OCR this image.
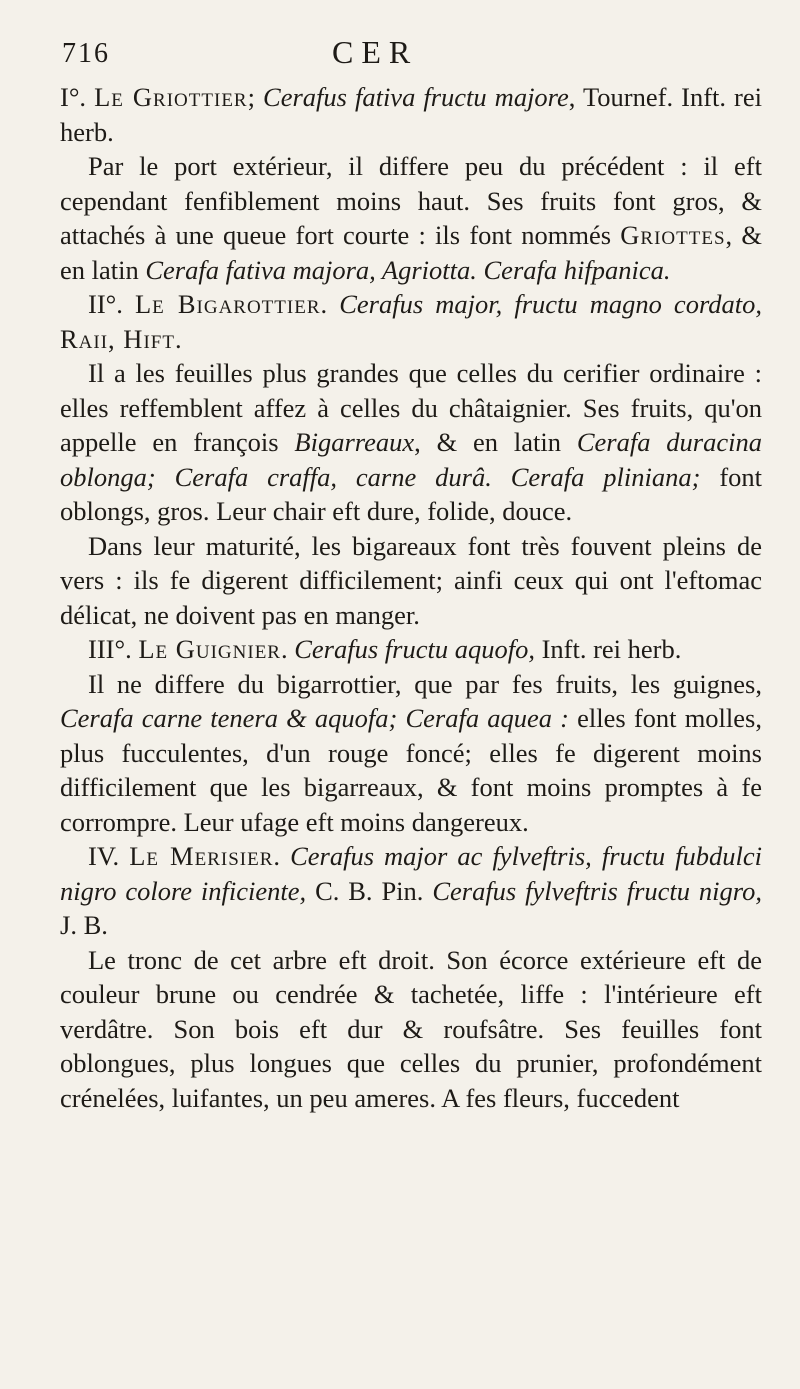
716	CER

I°. Le Griottier; Cerafus fativa fructu majore, Tournef. Inft. rei herb.

Par le port extérieur, il differe peu du précédent : il eft cependant fenfiblement moins haut. Ses fruits font gros, & attachés à une queue fort courte : ils font nommés Griottes, & en latin Cerafa fativa majora, Agriotta. Cerafa hifpanica.

II°. Le Bigarottier. Cerafus major, fructu magno cordato, Raii, Hift.

Il a les feuilles plus grandes que celles du cerifier ordinaire : elles reffemblent affez à celles du châtaignier. Ses fruits, qu'on appelle en françois Bigarreaux, & en latin Cerafa duracina oblonga; Cerafa craffa, carne durâ. Cerafa pliniana; font oblongs, gros. Leur chair eft dure, folide, douce.

Dans leur maturité, les bigareaux font très fouvent pleins de vers : ils fe digerent difficilement; ainfi ceux qui ont l'eftomac délicat, ne doivent pas en manger.

III°. Le Guignier. Cerafus fructu aquofo, Inft. rei herb.

Il ne differe du bigarrottier, que par fes fruits, les guignes, Cerafa carne tenera & aquofa; Cerafa aquea : elles font molles, plus fucculentes, d'un rouge foncé; elles fe digerent moins difficilement que les bigarreaux, & font moins promptes à fe corrompre. Leur ufage eft moins dangereux.

IV. Le Merisier. Cerafus major ac fylveftris, fructu fubdulci nigro colore inficiente, C. B. Pin. Cerafus fylveftris fructu nigro, J. B.

Le tronc de cet arbre eft droit. Son écorce extérieure eft de couleur brune ou cendrée & tachetée, liffe : l'intérieure eft verdâtre. Son bois eft dur & roufsâtre. Ses feuilles font oblongues, plus longues que celles du prunier, profondément crénelées, luifantes, un peu ameres. A fes fleurs, fuccedent
